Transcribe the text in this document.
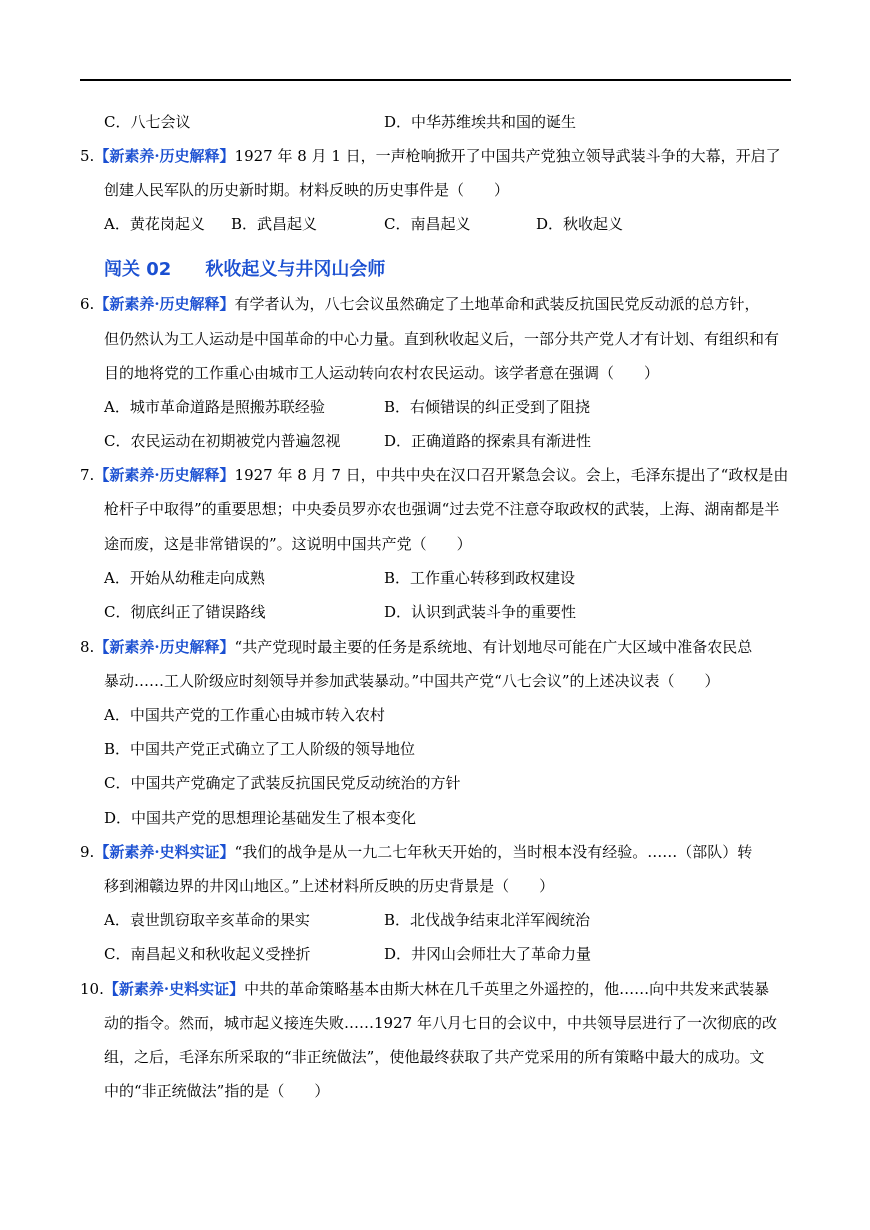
C．八七会议	D．中华苏维埃共和国的诞生
5.【新素养·历史解释】1927 年 8 月 1 日，一声枪响掀开了中国共产党独立领导武装斗争的大幕，开启了
创建人民军队的历史新时期。材料反映的历史事件是（　　）
A．黄花岗起义 B．武昌起义	C．南昌起义	D．秋收起义
闯关 02 秋收起义与井冈山会师
6.【新素养·历史解释】有学者认为，八七会议虽然确定了土地革命和武装反抗国民党反动派的总方针，
但仍然认为工人运动是中国革命的中心力量。直到秋收起义后，一部分共产党人才有计划、有组织和有
目的地将党的工作重心由城市工人运动转向农村农民运动。该学者意在强调（　　）
A．城市革命道路是照搬苏联经验	B．右倾错误的纠正受到了阻挠
C．农民运动在初期被党内普遍忽视	D．正确道路的探索具有渐进性
7.【新素养·历史解释】1927 年 8 月 7 日，中共中央在汉口召开紧急会议。会上，毛泽东提出了“政权是由
枪杆子中取得”的重要思想；中央委员罗亦农也强调“过去党不注意夺取政权的武装，上海、湖南都是半
途而废，这是非常错误的”。这说明中国共产党（　　）
A．开始从幼稚走向成熟	B．工作重心转移到政权建设
C．彻底纠正了错误路线	D．认识到武装斗争的重要性
8.【新素养·历史解释】“共产党现时最主要的任务是系统地、有计划地尽可能在广大区域中准备农民总
暴动……工人阶级应时刻领导并参加武装暴动。”中国共产党“八七会议”的上述决议表（　　）
A．中国共产党的工作重心由城市转入农村
B．中国共产党正式确立了工人阶级的领导地位
C．中国共产党确定了武装反抗国民党反动统治的方针
D．中国共产党的思想理论基础发生了根本变化
9.【新素养·史料实证】“我们的战争是从一九二七年秋天开始的，当时根本没有经验。……（部队）转
移到湘赣边界的井冈山地区。”上述材料所反映的历史背景是（　　）
A．袁世凯窃取辛亥革命的果实	B．北伐战争结束北洋军阀统治
C．南昌起义和秋收起义受挫折	D．井冈山会师壮大了革命力量
10.【新素养·史料实证】中共的革命策略基本由斯大林在几千英里之外遥控的，他……向中共发来武装暴
动的指令。然而，城市起义接连失败……1927 年八月七日的会议中，中共领导层进行了一次彻底的改
组，之后，毛泽东所采取的“非正统做法”，使他最终获取了共产党采用的所有策略中最大的成功。文
中的“非正统做法”指的是（　　）
